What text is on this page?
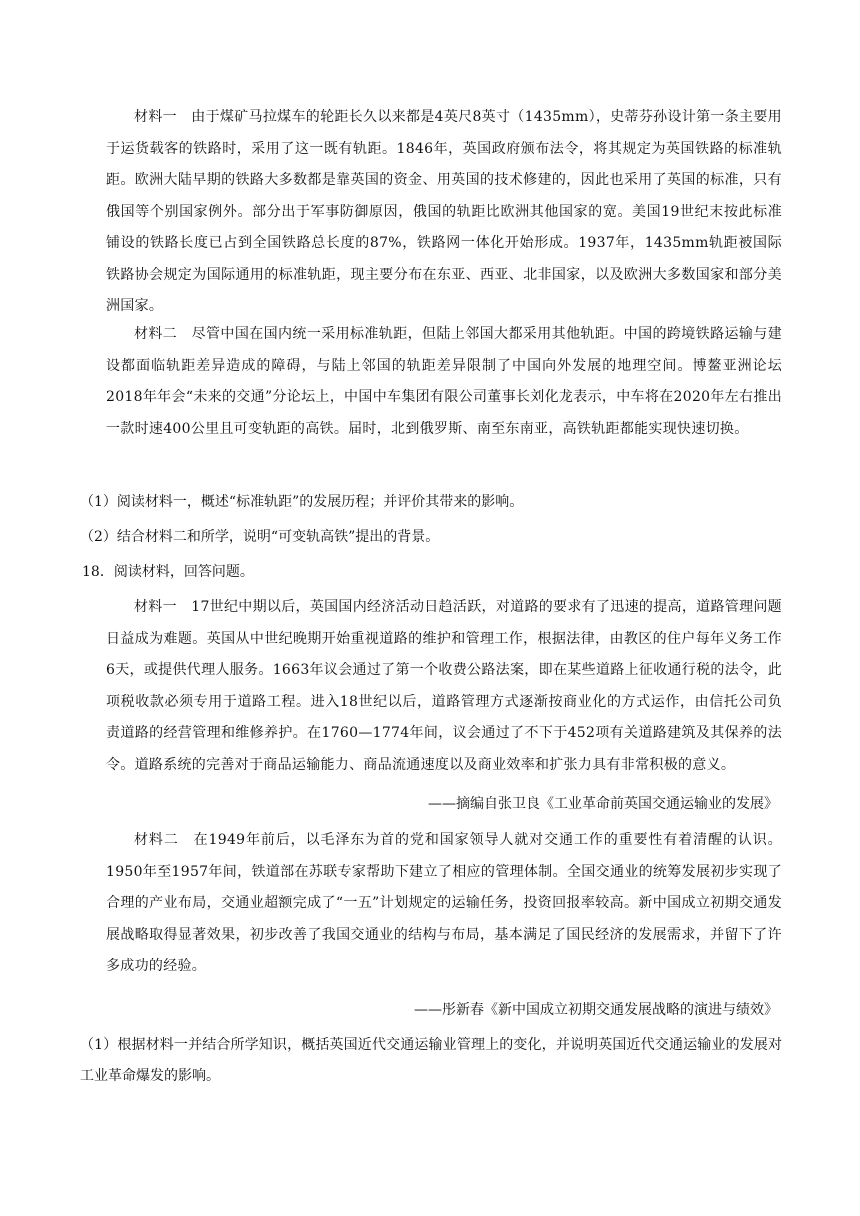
材料一　由于煤矿马拉煤车的轮距长久以来都是4英尺8英寸（1435mm），史蒂芬孙设计第一条主要用于运货载客的铁路时，采用了这一既有轨距。1846年，英国政府颁布法令，将其规定为英国铁路的标准轨距。欧洲大陆早期的铁路大多数都是靠英国的资金、用英国的技术修建的，因此也采用了英国的标准，只有俄国等个别国家例外。部分出于军事防御原因，俄国的轨距比欧洲其他国家的宽。美国19世纪末按此标准铺设的铁路长度已占到全国铁路总长度的87%，铁路网一体化开始形成。1937年，1435mm轨距被国际铁路协会规定为国际通用的标准轨距，现主要分布在东亚、西亚、北非国家，以及欧洲大多数国家和部分美洲国家。

材料二　尽管中国在国内统一采用标准轨距，但陆上邻国大都采用其他轨距。中国的跨境铁路运输与建设都面临轨距差异造成的障碍，与陆上邻国的轨距差异限制了中国向外发展的地理空间。博鳌亚洲论坛2018年年会“未来的交通”分论坛上，中国中车集团有限公司董事长刘化龙表示，中车将在2020年左右推出一款时速400公里且可变轨距的高铁。届时，北到俄罗斯、南至东南亚，高铁轨距都能实现快速切换。

（1）阅读材料一，概述“标准轨距”的发展历程；并评价其带来的影响。

（2）结合材料二和所学，说明“可变轨高铁”提出的背景。

18．阅读材料，回答问题。

材料一　17世纪中期以后，英国国内经济活动日趋活跃，对道路的要求有了迅速的提高，道路管理问题日益成为难题。英国从中世纪晚期开始重视道路的维护和管理工作，根据法律，由教区的住户每年义务工作6天，或提供代理人服务。1663年议会通过了第一个收费公路法案，即在某些道路上征收通行税的法令，此项税收款必须专用于道路工程。进入18世纪以后，道路管理方式逐渐按商业化的方式运作，由信托公司负责道路的经营管理和维修养护。在1760—1774年间，议会通过了不下于452项有关道路建筑及其保养的法令。道路系统的完善对于商品运输能力、商品流通速度以及商业效率和扩张力具有非常积极的意义。

——摘编自张卫良《工业革命前英国交通运输业的发展》

材料二　在1949年前后，以毛泽东为首的党和国家领导人就对交通工作的重要性有着清醒的认识。1950年至1957年间，铁道部在苏联专家帮助下建立了相应的管理体制。全国交通业的统筹发展初步实现了合理的产业布局，交通业超额完成了“一五”计划规定的运输任务，投资回报率较高。新中国成立初期交通发展战略取得显著效果，初步改善了我国交通业的结构与布局，基本满足了国民经济的发展需求，并留下了许多成功的经验。

——彤新春《新中国成立初期交通发展战略的演进与绩效》

（1）根据材料一并结合所学知识，概括英国近代交通运输业管理上的变化，并说明英国近代交通运输业的发展对工业革命爆发的影响。
